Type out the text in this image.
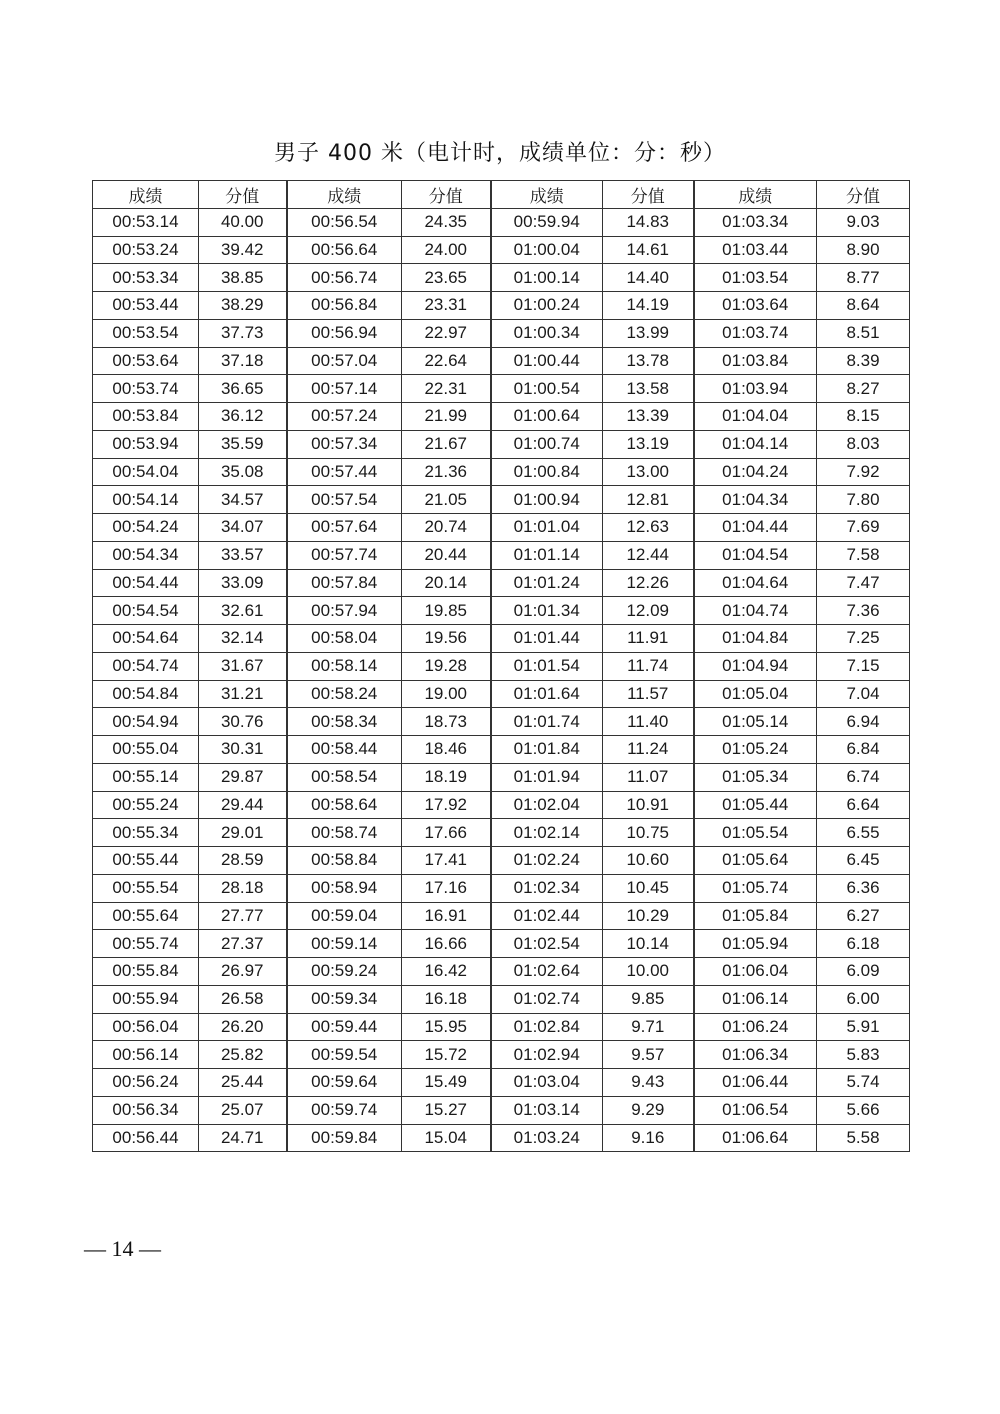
男子 400 米（电计时，成绩单位：分：秒）
成绩	分值	成绩	分值	成绩	分值	成绩	分值
00:53.14	40.00	00:56.54	24.35	00:59.94	14.83	01:03.34	9.03
00:53.24	39.42	00:56.64	24.00	01:00.04	14.61	01:03.44	8.90
00:53.34	38.85	00:56.74	23.65	01:00.14	14.40	01:03.54	8.77
00:53.44	38.29	00:56.84	23.31	01:00.24	14.19	01:03.64	8.64
00:53.54	37.73	00:56.94	22.97	01:00.34	13.99	01:03.74	8.51
00:53.64	37.18	00:57.04	22.64	01:00.44	13.78	01:03.84	8.39
00:53.74	36.65	00:57.14	22.31	01:00.54	13.58	01:03.94	8.27
00:53.84	36.12	00:57.24	21.99	01:00.64	13.39	01:04.04	8.15
00:53.94	35.59	00:57.34	21.67	01:00.74	13.19	01:04.14	8.03
00:54.04	35.08	00:57.44	21.36	01:00.84	13.00	01:04.24	7.92
00:54.14	34.57	00:57.54	21.05	01:00.94	12.81	01:04.34	7.80
00:54.24	34.07	00:57.64	20.74	01:01.04	12.63	01:04.44	7.69
00:54.34	33.57	00:57.74	20.44	01:01.14	12.44	01:04.54	7.58
00:54.44	33.09	00:57.84	20.14	01:01.24	12.26	01:04.64	7.47
00:54.54	32.61	00:57.94	19.85	01:01.34	12.09	01:04.74	7.36
00:54.64	32.14	00:58.04	19.56	01:01.44	11.91	01:04.84	7.25
00:54.74	31.67	00:58.14	19.28	01:01.54	11.74	01:04.94	7.15
00:54.84	31.21	00:58.24	19.00	01:01.64	11.57	01:05.04	7.04
00:54.94	30.76	00:58.34	18.73	01:01.74	11.40	01:05.14	6.94
00:55.04	30.31	00:58.44	18.46	01:01.84	11.24	01:05.24	6.84
00:55.14	29.87	00:58.54	18.19	01:01.94	11.07	01:05.34	6.74
00:55.24	29.44	00:58.64	17.92	01:02.04	10.91	01:05.44	6.64
00:55.34	29.01	00:58.74	17.66	01:02.14	10.75	01:05.54	6.55
00:55.44	28.59	00:58.84	17.41	01:02.24	10.60	01:05.64	6.45
00:55.54	28.18	00:58.94	17.16	01:02.34	10.45	01:05.74	6.36
00:55.64	27.77	00:59.04	16.91	01:02.44	10.29	01:05.84	6.27
00:55.74	27.37	00:59.14	16.66	01:02.54	10.14	01:05.94	6.18
00:55.84	26.97	00:59.24	16.42	01:02.64	10.00	01:06.04	6.09
00:55.94	26.58	00:59.34	16.18	01:02.74	9.85	01:06.14	6.00
00:56.04	26.20	00:59.44	15.95	01:02.84	9.71	01:06.24	5.91
00:56.14	25.82	00:59.54	15.72	01:02.94	9.57	01:06.34	5.83
00:56.24	25.44	00:59.64	15.49	01:03.04	9.43	01:06.44	5.74
00:56.34	25.07	00:59.74	15.27	01:03.14	9.29	01:06.54	5.66
00:56.44	24.71	00:59.84	15.04	01:03.24	9.16	01:06.64	5.58
— 14 —
